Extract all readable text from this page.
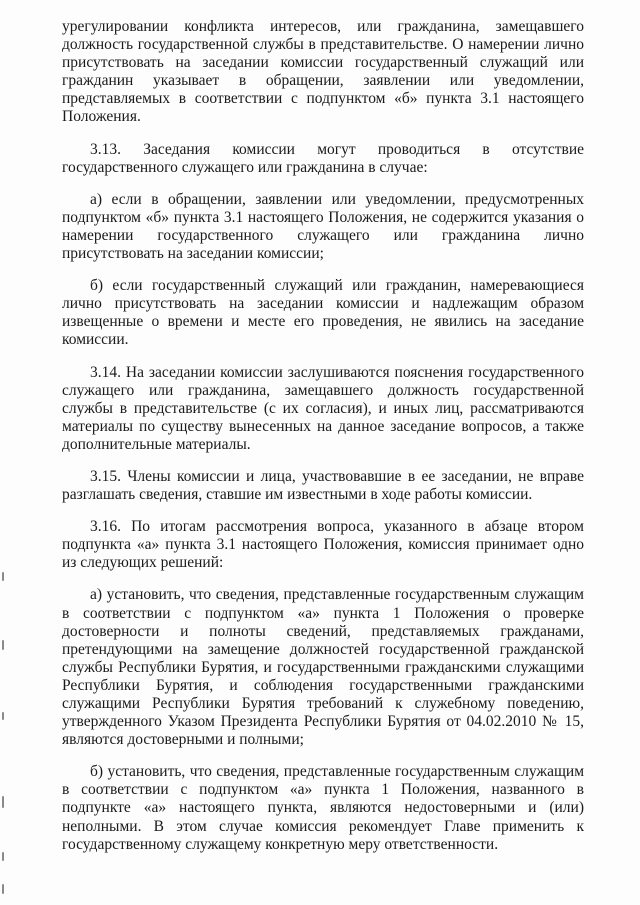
урегулировании конфликта интересов, или гражданина, замещавшего должность государственной службы в представительстве. О намерении лично присутствовать на заседании комиссии государственный служащий или гражданин указывает в обращении, заявлении или уведомлении, представляемых в соответствии с подпунктом «б» пункта 3.1 настоящего Положения.

3.13. Заседания комиссии могут проводиться в отсутствие государственного служащего или гражданина в случае:

а) если в обращении, заявлении или уведомлении, предусмотренных подпунктом «б» пункта 3.1 настоящего Положения, не содержится указания о намерении государственного служащего или гражданина лично присутствовать на заседании комиссии;

б) если государственный служащий или гражданин, намеревающиеся лично присутствовать на заседании комиссии и надлежащим образом извещенные о времени и месте его проведения, не явились на заседание комиссии.

3.14. На заседании комиссии заслушиваются пояснения государственного служащего или гражданина, замещавшего должность государственной службы в представительстве (с их согласия), и иных лиц, рассматриваются материалы по существу вынесенных на данное заседание вопросов, а также дополнительные материалы.

3.15. Члены комиссии и лица, участвовавшие в ее заседании, не вправе разглашать сведения, ставшие им известными в ходе работы комиссии.

3.16. По итогам рассмотрения вопроса, указанного в абзаце втором подпункта «а» пункта 3.1 настоящего Положения, комиссия принимает одно из следующих решений:

а) установить, что сведения, представленные государственным служащим в соответствии с подпунктом «а» пункта 1 Положения о проверке достоверности и полноты сведений, представляемых гражданами, претендующими на замещение должностей государственной гражданской службы Республики Бурятия, и государственными гражданскими служащими Республики Бурятия, и соблюдения государственными гражданскими служащими Республики Бурятия требований к служебному поведению, утвержденного Указом Президента Республики Бурятия от 04.02.2010 № 15, являются достоверными и полными;

б) установить, что сведения, представленные государственным служащим в соответствии с подпунктом «а» пункта 1 Положения, названного в подпункте «а» настоящего пункта, являются недостоверными и (или) неполными. В этом случае комиссия рекомендует Главе применить к государственному служащему конкретную меру ответственности.
